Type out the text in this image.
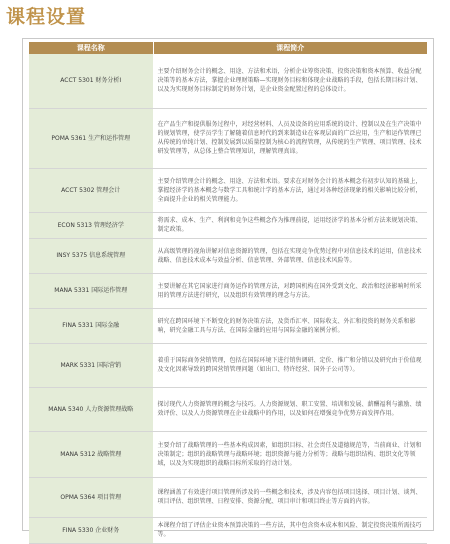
课程设置
课程名称	课程简介
ACCT 5301 财务分析I	主要介绍财务会计的概念、用途、方法和术语，分析企业筹资决策、投资决策和资本预算、收益分配决策等的基本方法，掌握企业理财策略—实现财务目标和体现企业战略的手段，包括长期目标计划、以及为实现财务目标制定的财务计划，是企业资金配置过程的总体设计。
POMA 5361 生产和运作管理	在产品生产和提供服务过程中，对经营材料、人员及设备的应用系统的设计、控制以及在生产决策中的规划管理，使学员学生了解随着信息时代的到来制造业在客观层面的广泛应用，生产和运作管理已从传统的单纯计划、控制发展到以质量控制为核心的流程管理，从传统的生产管理、项目管理、技术研发管理等，从总体上整合管理知识，理解管理真谛。
ACCT 5302 管理会计	主要介绍管理会计的概念、用途、方法和术语。要求在对财务会计的基本概念有初步认知的基础上，掌握经济学的基本概念与数学工具和统计学的基本方法，通过对各种经济现象的相关影响比较分析，全面提升企业的相关管理能力。
ECON 5313 管理经济学	将需求、成本、生产、利润和竞争这些概念作为推理前提，运用经济学的基本分析方法来规划决策、制定政策。
INSY 5375 信息系统管理	从高级管理的视角讲解对信息资源的管理，包括在实现竞争优势过程中对信息技术的运用，信息技术战略、信息技术成本与效益分析、信息管理、外部管理、信息技术风险等。
MANA 5331 国际运作管理	主要讲解在其它国家进行商务运作的管理方法，对跨国机构在国外受到文化、政治和经济影响时所采用的管理方法进行研究，以及组织有效管理的理念与方法。
FINA 5331 国际金融	研究在跨国环境下不断变化的财务决策方法，及货币汇率、国际收支、外汇和投资的财务关系和影响，研究金融工具与方法、在国际金融的应用与国际金融的案例分析。
MARK 5331 国际营销	着重于国际商务营销管理，包括在国际环境下进行销售调研、定价、推广和分销以及研究由于价值观及文化因素导致的跨国营销管理问题（如出口、特许经营、国外子公司等）。
MANA 5340 人力资源管理战略	探讨现代人力资源管理的概念与技巧。人力资源规划、职工安置、培训和发展、薪酬福利与激励、绩效评价、以及人力资源管理在企业战略中的作用，以及如何在增强竞争优势方面发挥作用。
MANA 5312 战略管理	主要介绍了战略管理的一些基本构成因素，如组织目标、社会责任及道德规范等，当前商业、计划和决策制定；组织的战略管理与战略环境；组织资源与能力分析等；战略与组织结构、组织文化等领域，以及为实现组织的战略目标所采取的行动计划。
OPMA 5364 项目管理	课程涵盖了有效进行项目管理所涉及的一些概念和技术，涉及内容包括项目选择、项目计划、谈判、项目评估、组织管理、日程安排、资源分配、项目审计和项目终止等方面的内容。
FINA 5330 企业财务	本课程介绍了评估企业资本预算决策的一些方法，其中包含资本成本和风险、制定投资决策所需技巧等。
